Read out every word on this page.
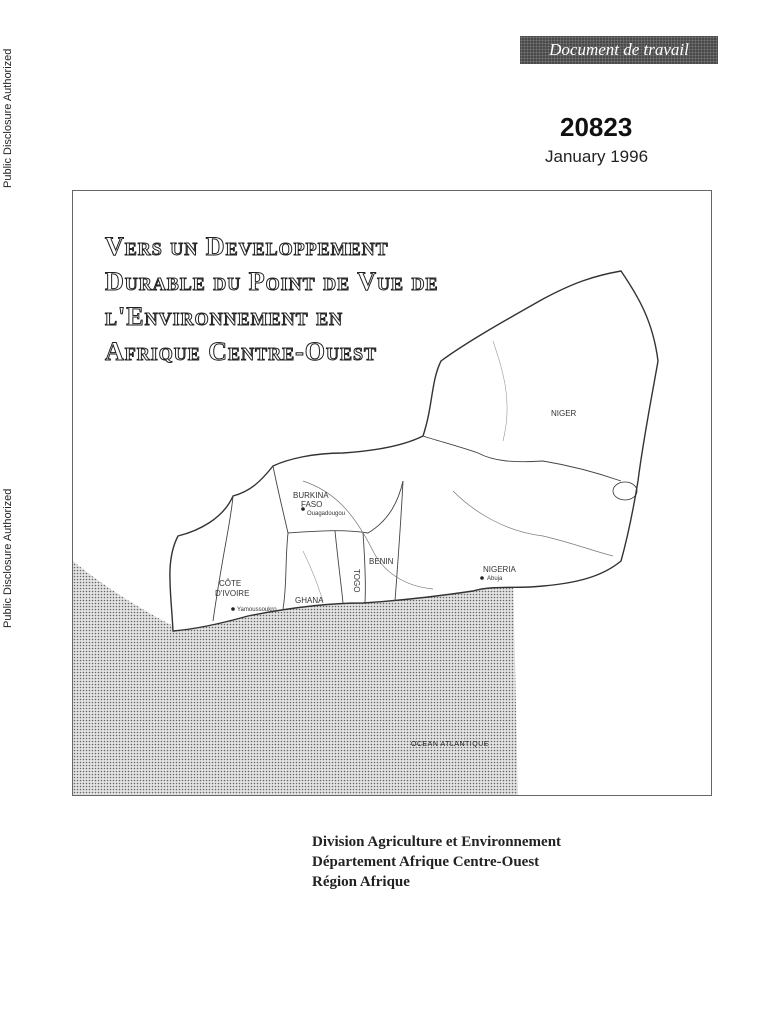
Public Disclosure Authorized
Public Disclosure Authorized
Document de travail
20823
January 1996
Vers un Developpement
Durable du Point de Vue de
l'Environnement en
Afrique Centre-Ouest
NIGER
BURKINA
FASO
Ouagadougou
BENIN
NIGERIA
Abuja
TOGO
GHANA
CÔTE
D'IVOIRE
Yamoussoukro
OCEAN ATLANTIQUE
Division Agriculture et Environnement
Département Afrique Centre-Ouest
Région Afrique
